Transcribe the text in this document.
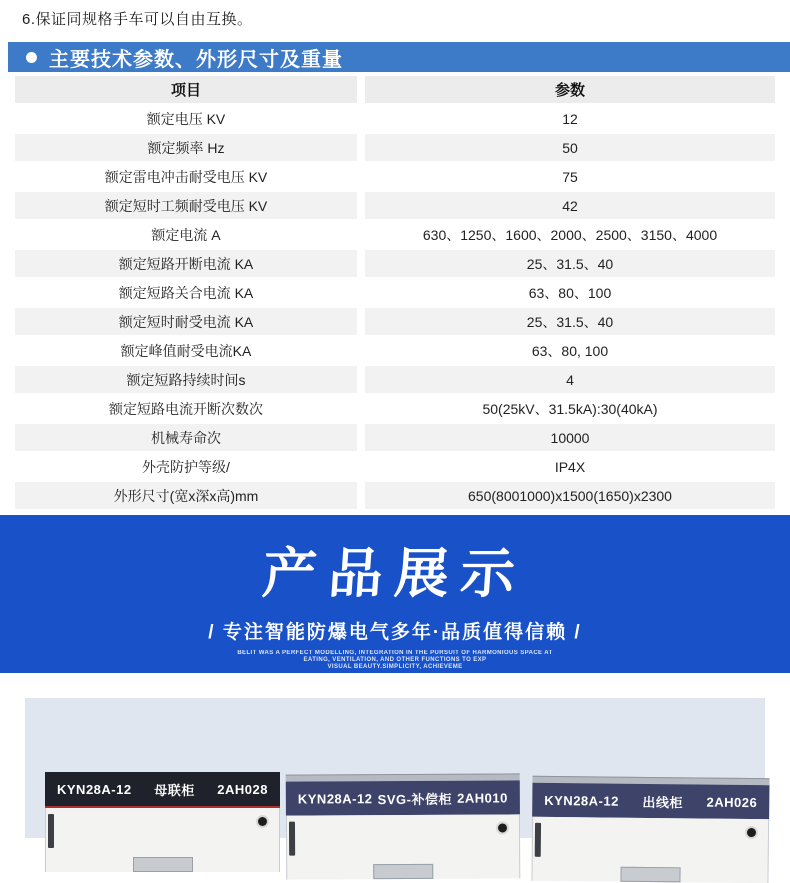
6.保证同规格手车可以自由互换。
主要技术参数、外形尺寸及重量
项目	参数
额定电压 KV	12
额定频率 Hz	50
额定雷电冲击耐受电压 KV	75
额定短时工频耐受电压 KV	42
额定电流 A	630、1250、1600、2000、2500、3150、4000
额定短路开断电流 KA	25、31.5、40
额定短路关合电流 KA	63、80、100
额定短时耐受电流 KA	25、31.5、40
额定峰值耐受电流KA	63、80, 100
额定短路持续时间s	4
额定短路电流开断次数次	50(25kV、31.5kA):30(40kA)
机械寿命次	10000
外壳防护等级/	IP4X
外形尺寸(宽x深x高)mm	650(8001000)x1500(1650)x2300
产品展示
/ 专注智能防爆电气多年·品质值得信赖 /
BELIT WAS A PERFECT MODELLING, INTEGRATION IN THE PURSUIT OF HARMONIOUS SPACE AT
EATING, VENTILATION, AND OTHER FUNCTIONS TO EXP
VISUAL BEAUTY.SIMPLICITY, ACHIEVEME
KYN28A-12 母联柜 2AH028
KYN28A-12 SVG-补偿柜 2AH010	KYN28A-12 出线柜 2AH026
